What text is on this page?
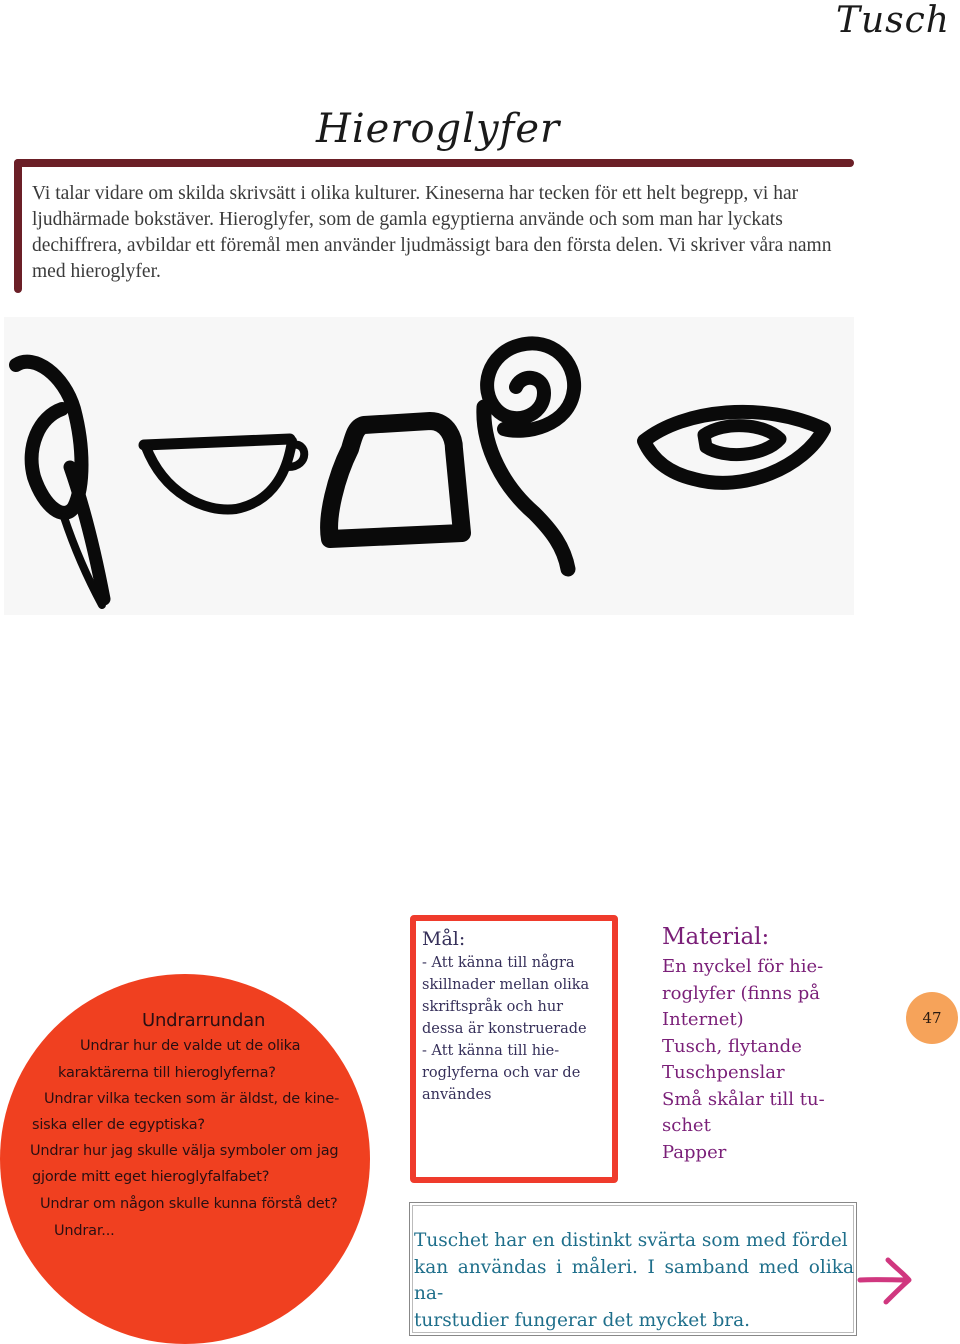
Tusch
Hieroglyfer

Vi talar vidare om skilda skrivsätt i olika kulturer. Kineserna har tecken för ett helt begrepp, vi har ljudhärmade bokstäver. Hieroglyfer, som de gamla egyptierna använde och som man har lyckats dechiffrera, avbildar ett föremål men använder ljudmässigt bara den första delen. Vi skriver våra namn med hieroglyfer.

Undrarrundan
Undrar hur de valde ut de olika
karaktärerna till hieroglyferna?
Undrar vilka tecken som är äldst, de kine-
siska eller de egyptiska?
Undrar hur jag skulle välja symboler om jag
gjorde mitt eget hieroglyfalfabet?
Undrar om någon skulle kunna förstå det?
Undrar...
Mål:

- Att känna till några
skillnader mellan olika
skriftspråk och hur
dessa är konstruerade
- Att känna till hie-
roglyferna och var de
användes

Material:

En nyckel för hie-
roglyfer (finns på
Internet)
Tusch, flytande
Tuschpenslar
Små skålar till tu-
schet
Papper

Tuschet har en distinkt svärta som med fördel
kan användas i måleri. I samband med olika na-
turstudier fungerar det mycket bra.

47
